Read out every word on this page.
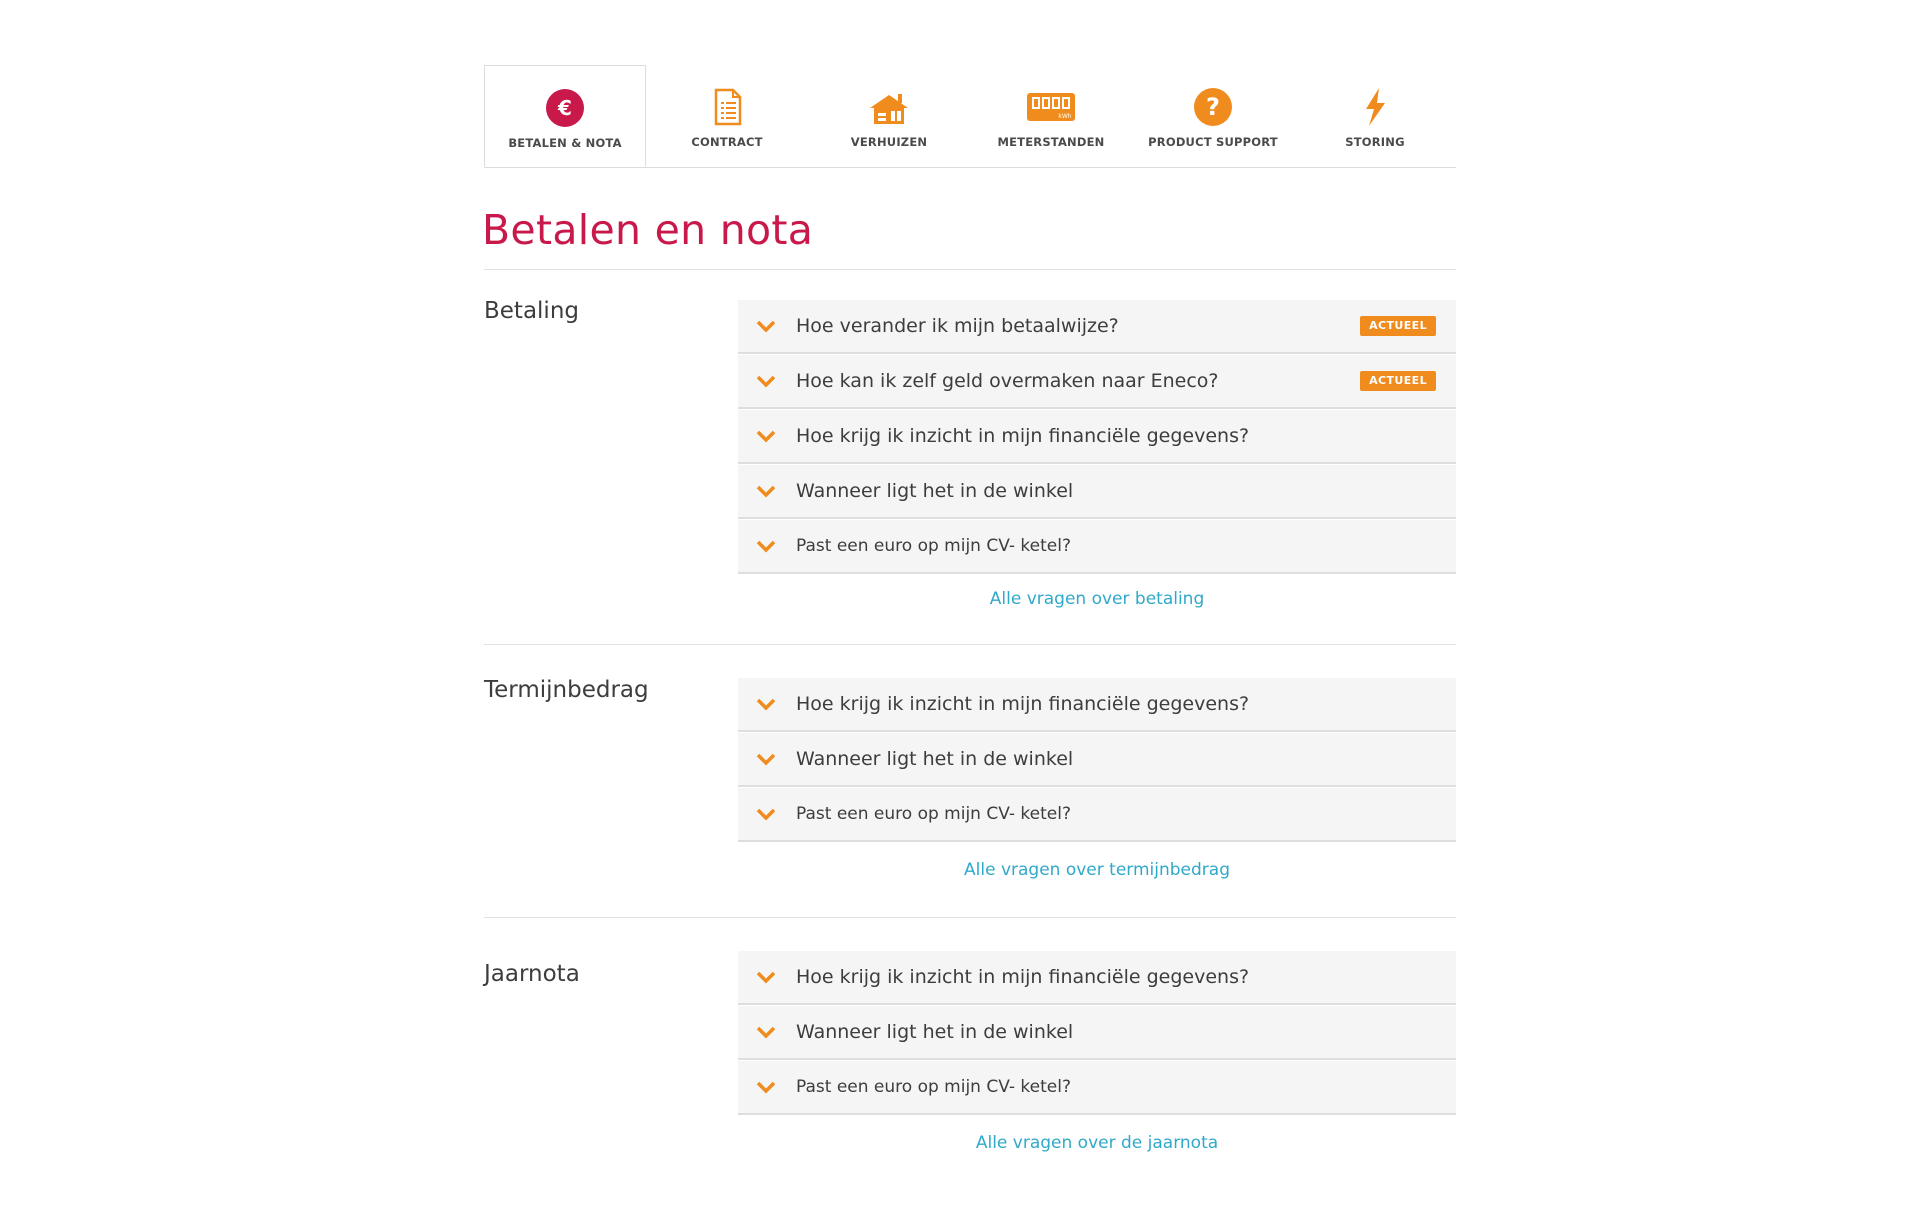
€
BETALEN & NOTA	CONTRACT	VERHUIZEN
kWh
METERSTANDEN
?
PRODUCT SUPPORT	STORING
Betalen en nota
Betaling
Hoe verander ik mijn betaalwijze?	ACTUEEL
Hoe kan ik zelf geld overmaken naar Eneco?	ACTUEEL
Hoe krijg ik inzicht in mijn financiële gegevens?
Wanneer ligt het in de winkel
Past een euro op mijn CV- ketel?
Alle vragen over betaling
Termijnbedrag
Hoe krijg ik inzicht in mijn financiële gegevens?
Wanneer ligt het in de winkel
Past een euro op mijn CV- ketel?
Alle vragen over termijnbedrag
Jaarnota	Hoe krijg ik inzicht in mijn financiële gegevens?
Wanneer ligt het in de winkel
Past een euro op mijn CV- ketel?
Alle vragen over de jaarnota
